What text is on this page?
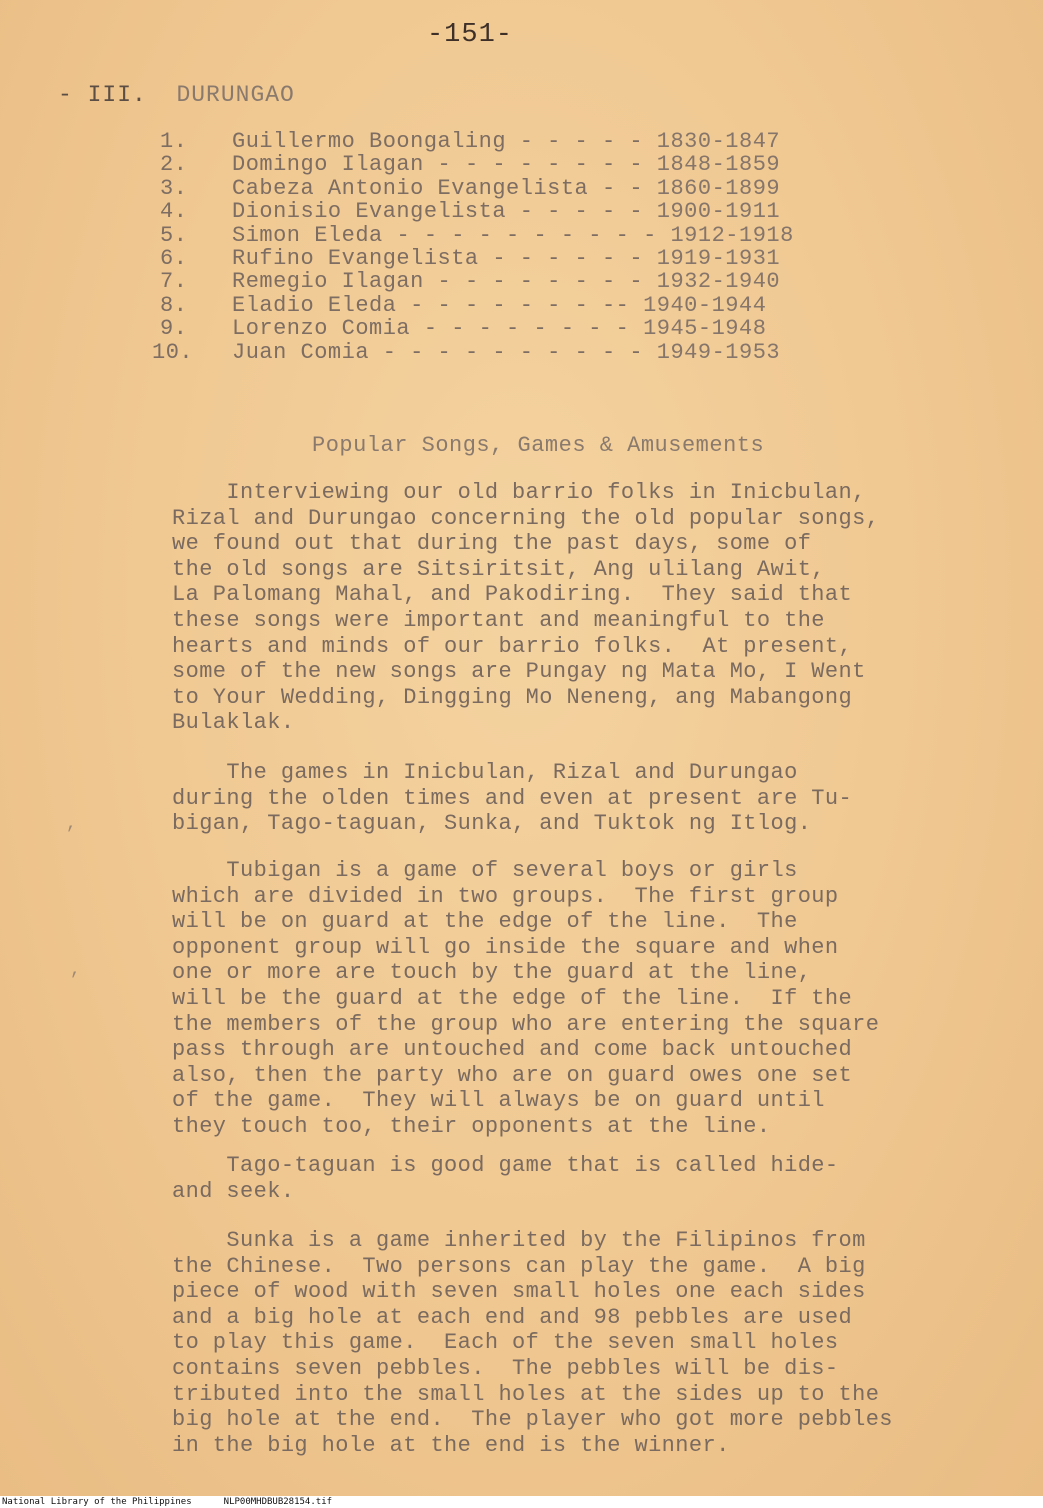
-151-
- III. DURUNGAO
1. Guillermo Boongaling - - - - - 1830-1847
2. Domingo Ilagan - - - - - - - - 1848-1859
3. Cabeza Antonio Evangelista - - 1860-1899
4. Dionisio Evangelista - - - - - 1900-1911
5. Simon Eleda - - - - - - - - - - 1912-1918
6. Rufino Evangelista - - - - - - 1919-1931
7. Remegio Ilagan - - - - - - - - 1932-1940
8. Eladio Eleda - - - - - - - -- 1940-1944
9. Lorenzo Comia - - - - - - - - 1945-1948
10. Juan Comia - - - - - - - - - - 1949-1953
Popular Songs, Games & Amusements
Interviewing our old barrio folks in Inicbulan,
Rizal and Durungao concerning the old popular songs,
we found out that during the past days, some of
the old songs are Sitsiritsit, Ang ulilang Awit,
La Palomang Mahal, and Pakodiring.  They said that
these songs were important and meaningful to the
hearts and minds of our barrio folks.  At present,
some of the new songs are Pungay ng Mata Mo, I Went
to Your Wedding, Dingging Mo Neneng, ang Mabangong
Bulaklak.
The games in Inicbulan, Rizal and Durungao
during the olden times and even at present are Tu-
bigan, Tago-taguan, Sunka, and Tuktok ng Itlog.
Tubigan is a game of several boys or girls
which are divided in two groups.  The first group
will be on guard at the edge of the line.  The
opponent group will go inside the square and when
one or more are touch by the guard at the line,
will be the guard at the edge of the line.  If the
the members of the group who are entering the square
pass through are untouched and come back untouched
also, then the party who are on guard owes one set
of the game.  They will always be on guard until
they touch too, their opponents at the line.
Tago-taguan is good game that is called hide-
and seek.
Sunka is a game inherited by the Filipinos from
the Chinese.  Two persons can play the game.  A big
piece of wood with seven small holes one each sides
and a big hole at each end and 98 pebbles are used
to play this game.  Each of the seven small holes
contains seven pebbles.  The pebbles will be dis-
tributed into the small holes at the sides up to the
big hole at the end.  The player who got more pebbles
in the big hole at the end is the winner.
,
,
National Library of the Philippines	NLP00MHDBUB28154.tif
